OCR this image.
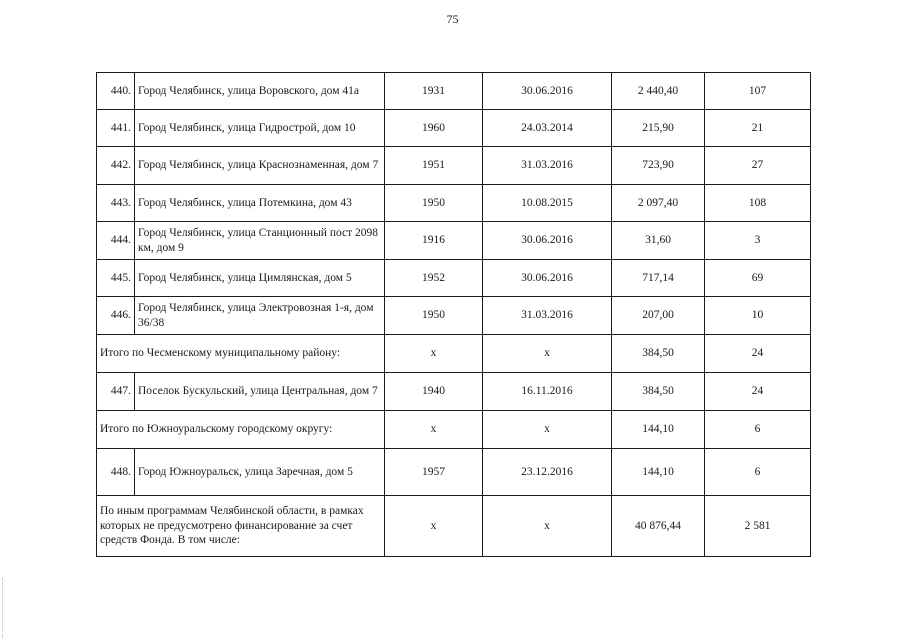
75
440.	Город Челябинск, улица Воровского, дом 41а	1931	30.06.2016	2 440,40	107
441.	Город Челябинск, улица Гидрострой, дом 10	1960	24.03.2014	215,90	21
442.	Город Челябинск, улица Краснознаменная, дом 7	1951	31.03.2016	723,90	27
443.	Город Челябинск, улица Потемкина, дом 43	1950	10.08.2015	2 097,40	108
444.	Город Челябинск, улица Станционный пост 2098 км, дом 9	1916	30.06.2016	31,60	3
445.	Город Челябинск, улица Цимлянская, дом 5	1952	30.06.2016	717,14	69
446.	Город Челябинск, улица Электровозная 1-я, дом 36/38	1950	31.03.2016	207,00	10
Итого по Чесменскому муниципальному району:		x	x	384,50	24
447.	Поселок Бускульский, улица Центральная, дом 7	1940	16.11.2016	384,50	24
Итого по Южноуральскому городскому округу:		x	x	144,10	6
448.	Город Южноуральск, улица Заречная, дом 5	1957	23.12.2016	144,10	6
По иным программам Челябинской области, в рамках которых не предусмотрено финансирование за счет средств Фонда. В том числе:		x	x	40 876,44	2 581
